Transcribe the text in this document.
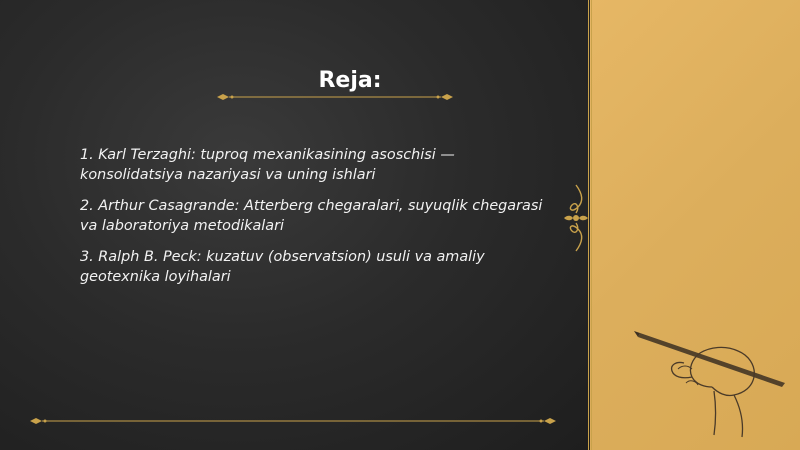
Reja:
1. Karl Terzaghi: tuproq mexanikasining asoschisi — konsolidatsiya nazariyasi va uning ishlari
2. Arthur Casagrande: Atterberg chegaralari, suyuqlik chegarasi va laboratoriya metodikalari
3. Ralph B. Peck: kuzatuv (observatsion) usuli va amaliy geotexnika loyihalari
